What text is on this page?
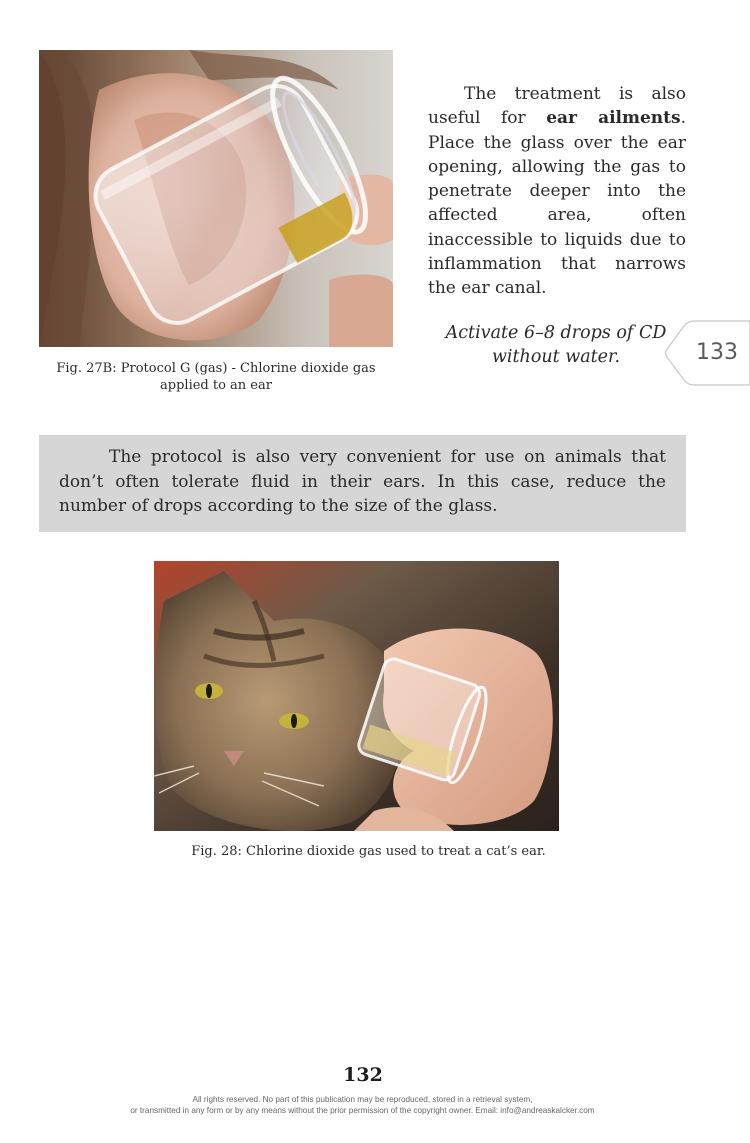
Fig. 27B: Protocol G (gas) - Chlorine dioxide gas applied to an ear

The treatment is also useful for ear ailments. Place the glass over the ear opening, allowing the gas to penetrate deeper into the affected area, often inaccessible to liquids due to inflammation that narrows the ear canal.

Activate 6–8 drops of CD without water.	133

The protocol is also very convenient for use on animals that don’t often tolerate fluid in their ears. In this case, reduce the number of drops according to the size of the glass.

Fig. 28: Chlorine dioxide gas used to treat a cat’s ear.
132
All rights reserved. No part of this publication may be reproduced, stored in a retrieval system,
or transmitted in any form or by any means without the prior permission of the copyright owner. Email: info@andreaskalcker.com
